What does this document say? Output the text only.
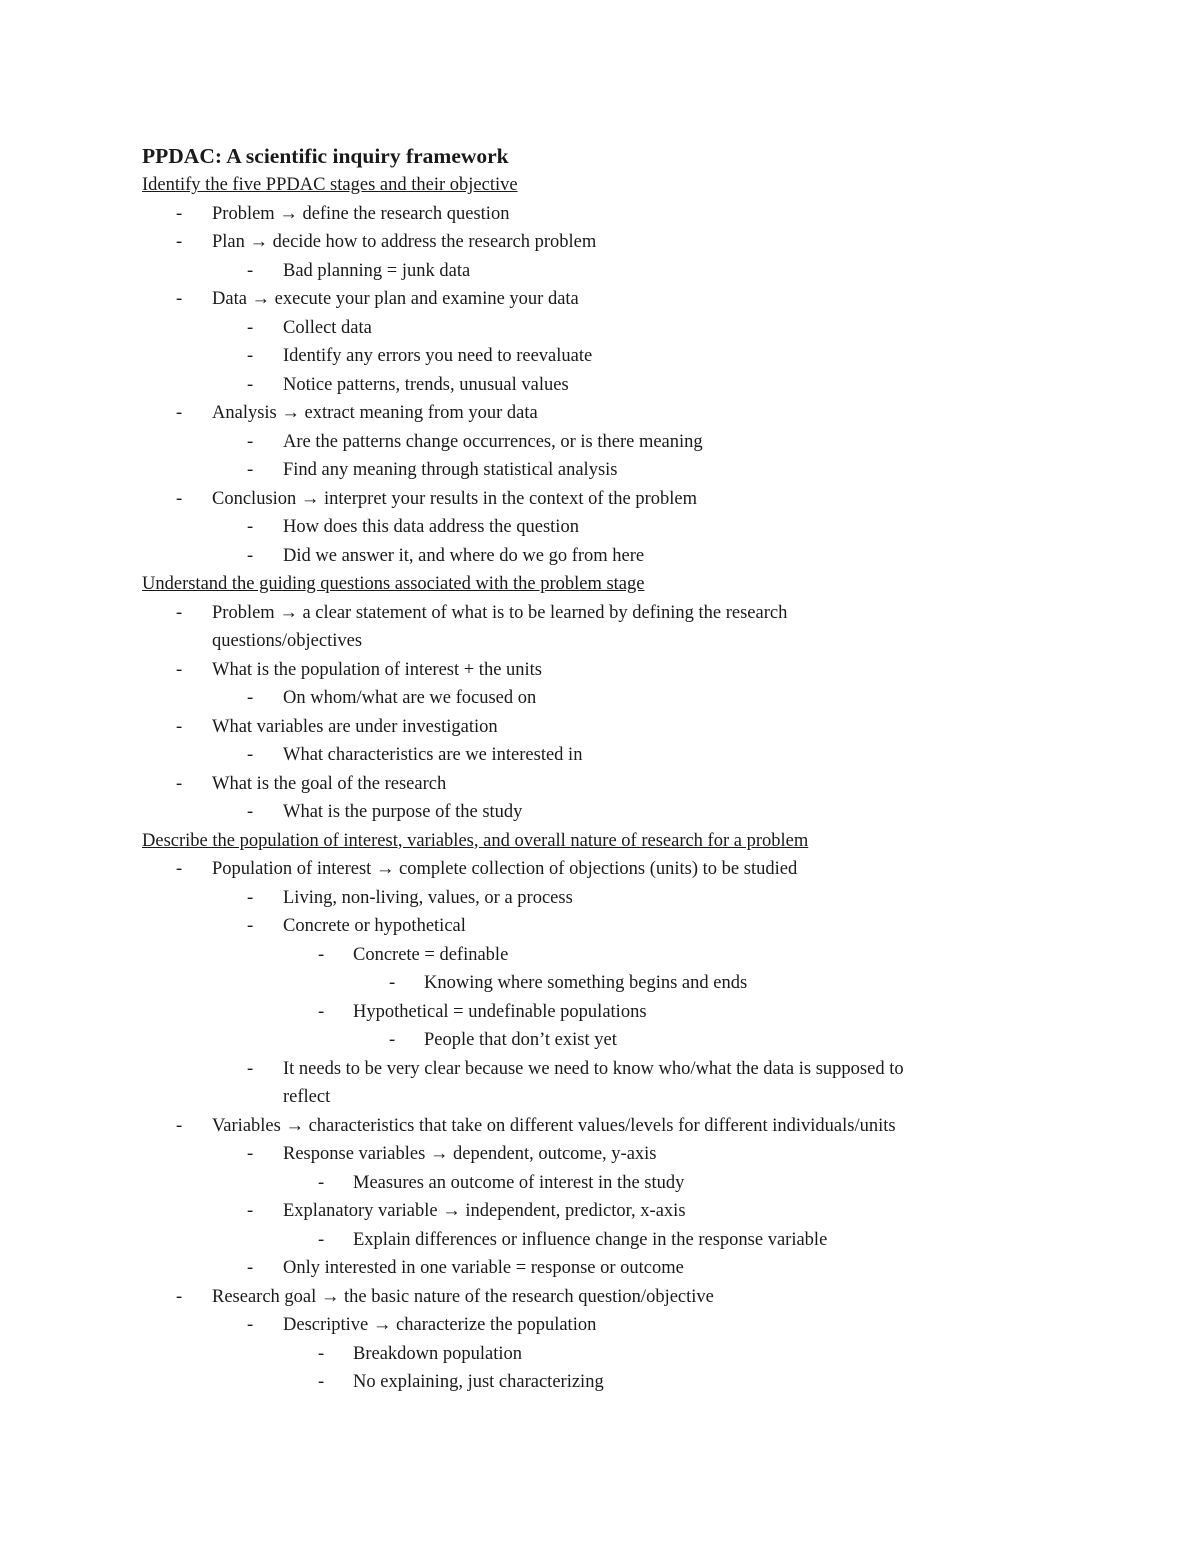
PPDAC: A scientific inquiry framework
Identify the five PPDAC stages and their objective
- Problem → define the research question
- Plan → decide how to address the research problem
- Bad planning = junk data
- Data → execute your plan and examine your data
- Collect data
- Identify any errors you need to reevaluate
- Notice patterns, trends, unusual values
- Analysis → extract meaning from your data
- Are the patterns change occurrences, or is there meaning
- Find any meaning through statistical analysis
- Conclusion → interpret your results in the context of the problem
- How does this data address the question
- Did we answer it, and where do we go from here
Understand the guiding questions associated with the problem stage
- Problem → a clear statement of what is to be learned by defining the research
questions/objectives
- What is the population of interest + the units
- On whom/what are we focused on
- What variables are under investigation
- What characteristics are we interested in
- What is the goal of the research
- What is the purpose of the study
Describe the population of interest, variables, and overall nature of research for a problem
- Population of interest → complete collection of objections (units) to be studied
- Living, non-living, values, or a process
- Concrete or hypothetical
- Concrete = definable
- Knowing where something begins and ends
- Hypothetical = undefinable populations
- People that don’t exist yet
- It needs to be very clear because we need to know who/what the data is supposed to
reflect
- Variables → characteristics that take on different values/levels for different individuals/units
- Response variables → dependent, outcome, y-axis
- Measures an outcome of interest in the study
- Explanatory variable → independent, predictor, x-axis
- Explain differences or influence change in the response variable
- Only interested in one variable = response or outcome
- Research goal → the basic nature of the research question/objective
- Descriptive → characterize the population
- Breakdown population
- No explaining, just characterizing
